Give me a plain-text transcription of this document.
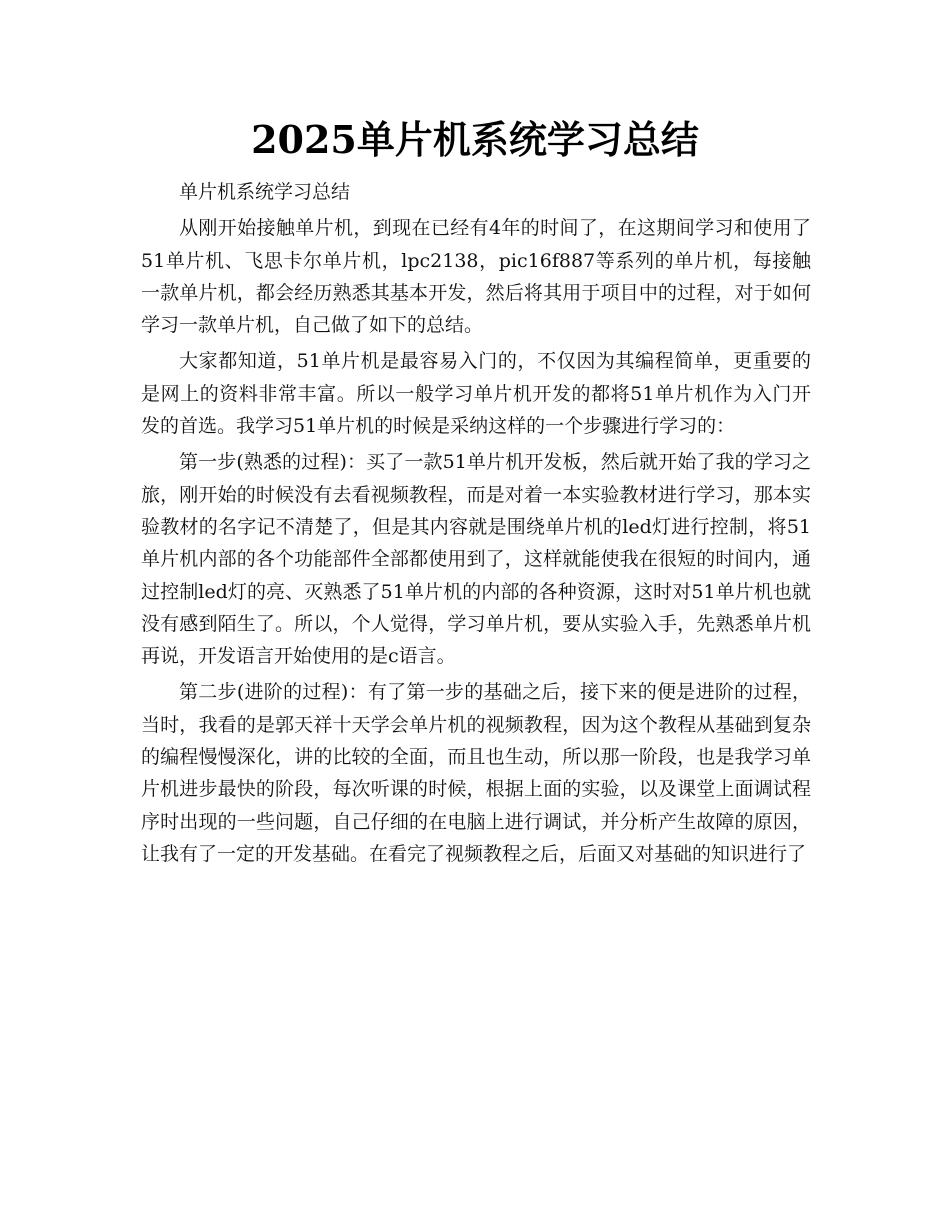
2025单片机系统学习总结

单片机系统学习总结

从刚开始接触单片机，到现在已经有4年的时间了，在这期间学习和使用了51单片机、飞思卡尔单片机，lpc2138，pic16f887等系列的单片机，每接触一款单片机，都会经历熟悉其基本开发，然后将其用于项目中的过程，对于如何学习一款单片机，自己做了如下的总结。

大家都知道，51单片机是最容易入门的，不仅因为其编程简单，更重要的是网上的资料非常丰富。所以一般学习单片机开发的都将51单片机作为入门开发的首选。我学习51单片机的时候是采纳这样的一个步骤进行学习的：

第一步(熟悉的过程)：买了一款51单片机开发板，然后就开始了我的学习之旅，刚开始的时候没有去看视频教程，而是对着一本实验教材进行学习，那本实验教材的名字记不清楚了，但是其内容就是围绕单片机的led灯进行控制，将51单片机内部的各个功能部件全部都使用到了，这样就能使我在很短的时间内，通过控制led灯的亮、灭熟悉了51单片机的内部的各种资源，这时对51单片机也就没有感到陌生了。所以，个人觉得，学习单片机，要从实验入手，先熟悉单片机再说，开发语言开始使用的是c语言。

第二步(进阶的过程)：有了第一步的基础之后，接下来的便是进阶的过程，当时，我看的是郭天祥十天学会单片机的视频教程，因为这个教程从基础到复杂的编程慢慢深化，讲的比较的全面，而且也生动，所以那一阶段，也是我学习单片机进步最快的阶段，每次听课的时候，根据上面的实验，以及课堂上面调试程序时出现的一些问题，自己仔细的在电脑上进行调试，并分析产生故障的原因，让我有了一定的开发基础。在看完了视频教程之后，后面又对基础的知识进行了
